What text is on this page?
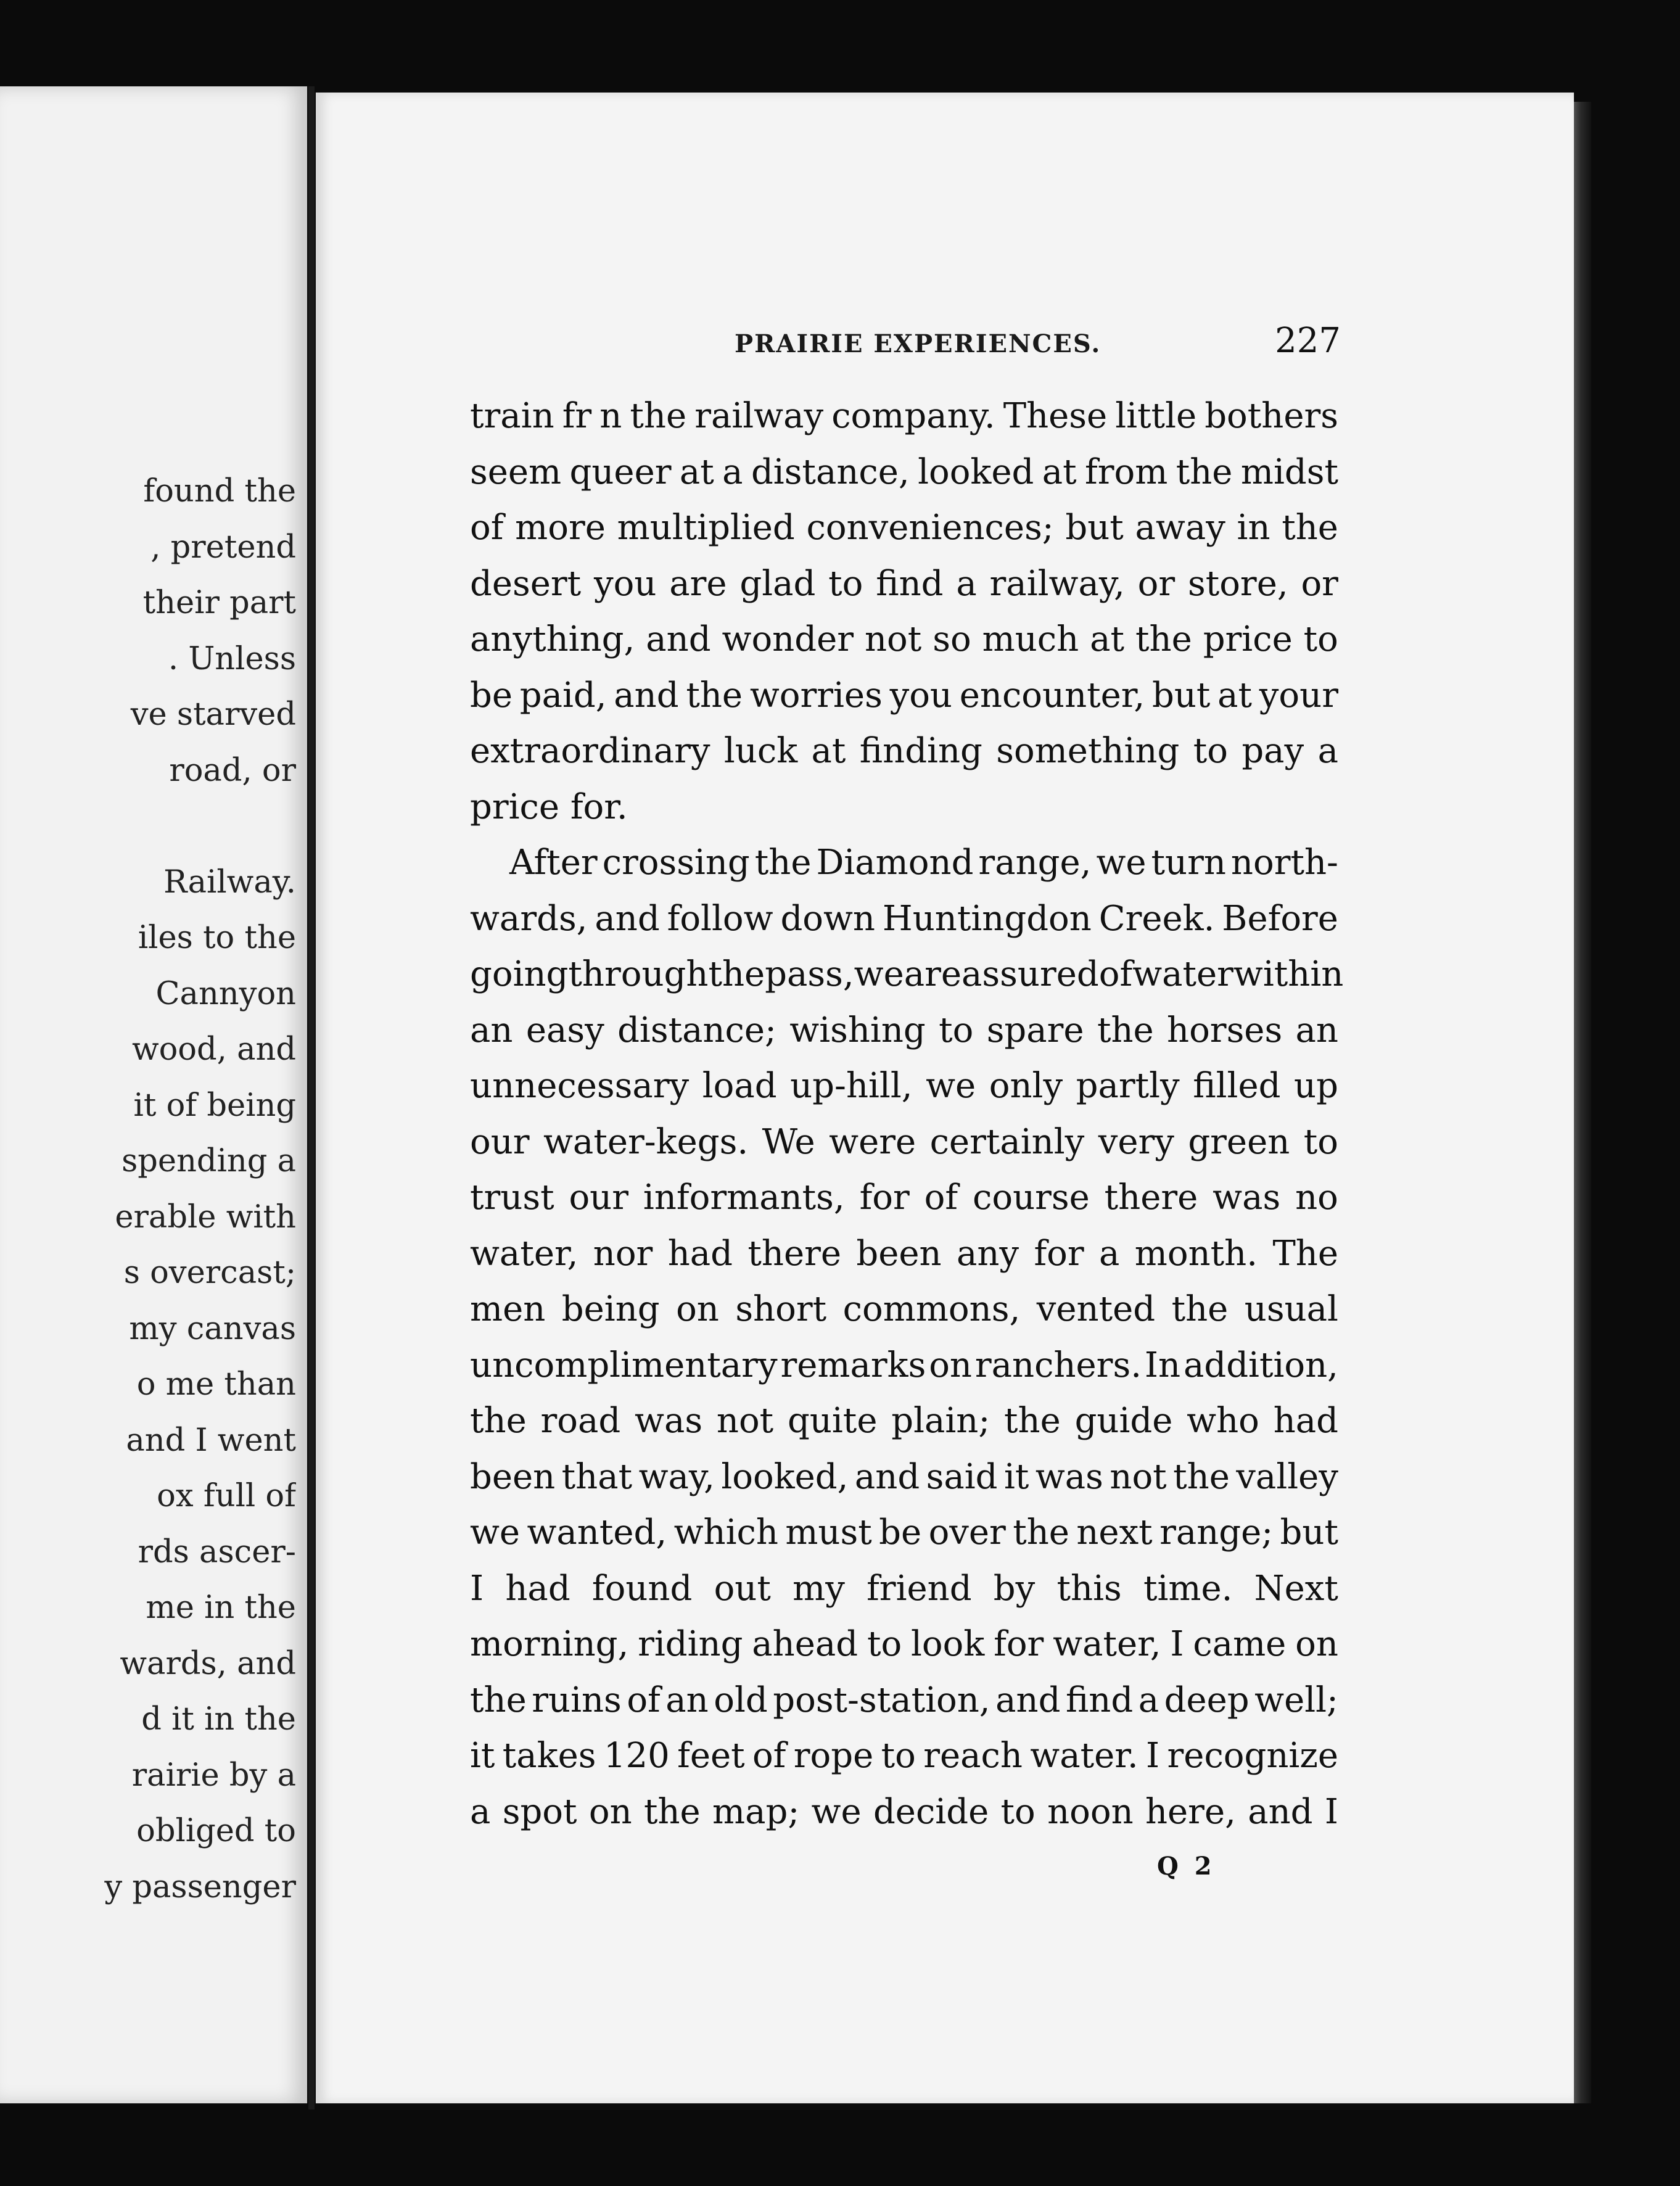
found the
, pretend
their part
. Unless
ve starved
road, or
Railway.
iles to the
Cannyon
wood, and
it of being
spending a
erable with
s overcast;
my canvas
o me than
and I went
ox full of
rds ascer-
me in the
wards, and
d it in the
rairie by a
obliged to
y passenger
PRAIRIE EXPERIENCES.	227
train fr n the railway company. These little bothers
seem queer at a distance, looked at from the midst
of more multiplied conveniences; but away in the
desert you are glad to find a railway, or store, or
anything, and wonder not so much at the price to
be paid, and the worries you encounter, but at your
extraordinary luck at finding something to pay a
price for.
After crossing the Diamond range, we turn north-
wards, and follow down Huntingdon Creek. Before
going through the pass, we are assured of water within
an easy distance; wishing to spare the horses an
unnecessary load up-hill, we only partly filled up
our water-kegs. We were certainly very green to
trust our informants, for of course there was no
water, nor had there been any for a month. The
men being on short commons, vented the usual
uncomplimentary remarks on ranchers. In addition,
the road was not quite plain; the guide who had
been that way, looked, and said it was not the valley
we wanted, which must be over the next range; but
I had found out my friend by this time. Next
morning, riding ahead to look for water, I came on
the ruins of an old post-station, and find a deep well;
it takes 120 feet of rope to reach water. I recognize
a spot on the map; we decide to noon here, and I
Q 2
